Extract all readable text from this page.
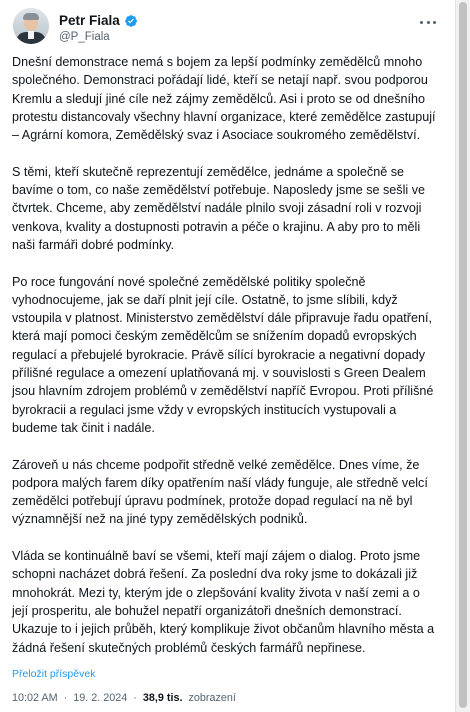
Petr Fiala
@P_Fiala

Dnešní demonstrace nemá s bojem za lepší podmínky zemědělců mnoho společného. Demonstraci pořádají lidé, kteří se netají např. svou podporou Kremlu a sledují jiné cíle než zájmy zemědělců. Asi i proto se od dnešního protestu distancovaly všechny hlavní organizace, které zemědělce zastupují – Agrární komora, Zemědělský svaz i Asociace soukromého zemědělství.

S těmi, kteří skutečně reprezentují zemědělce, jednáme a společně se bavíme o tom, co naše zemědělství potřebuje. Naposledy jsme se sešli ve čtvrtek. Chceme, aby zemědělství nadále plnilo svoji zásadní roli v rozvoji venkova, kvality a dostupnosti potravin a péče o krajinu. A aby pro to měli naši farmáři dobré podmínky.

Po roce fungování nové společné zemědělské politiky společně vyhodnocujeme, jak se daří plnit její cíle. Ostatně, to jsme slíbili, když vstoupila v platnost. Ministerstvo zemědělství dále připravuje řadu opatření, která mají pomoci českým zemědělcům se snížením dopadů evropských regulací a přebujelé byrokracie. Právě sílící byrokracie a negativní dopady přílišné regulace a omezení uplatňovaná mj. v souvislosti s Green Dealem jsou hlavním zdrojem problémů v zemědělství napříč Evropou. Proti přílišné byrokracii a regulaci jsme vždy v evropských institucích vystupovali a budeme tak činit i nadále.

Zároveň u nás chceme podpořit středně velké zemědělce. Dnes víme, že podpora malých farem díky opatřením naší vlády funguje, ale středně velcí zemědělci potřebují úpravu podmínek, protože dopad regulací na ně byl významnější než na jiné typy zemědělských podniků.

Vláda se kontinuálně baví se všemi, kteří mají zájem o dialog. Proto jsme schopni nacházet dobrá řešení. Za poslední dva roky jsme to dokázali již mnohokrát. Mezi ty, kterým jde o zlepšování kvality života v naší zemi a o její prosperitu, ale bohužel nepatří organizátoři dnešních demonstrací. Ukazuje to i jejich průběh, který komplikuje život občanům hlavního města a žádná řešení skutečných problémů českých farmářů nepřinese.

Přeložit příspěvek
10:02 AM · 19. 2. 2024 · 38,9 tis. zobrazení
